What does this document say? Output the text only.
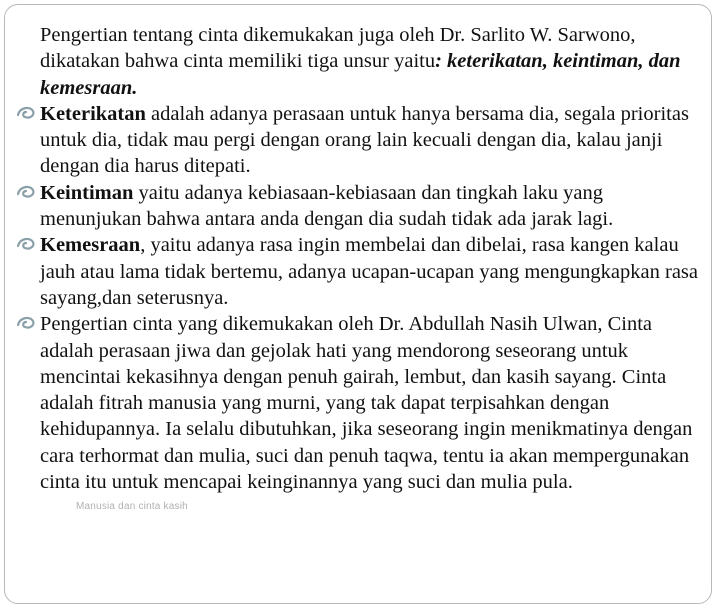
Pengertian tentang cinta dikemukakan juga oleh Dr. Sarlito W. Sarwono, dikatakan bahwa cinta memiliki tiga unsur yaitu: keterikatan, keintiman, dan kemesraan.

Keterikatan adalah adanya perasaan untuk hanya bersama dia, segala prioritas untuk dia, tidak mau pergi dengan orang lain kecuali dengan dia, kalau janji dengan dia harus ditepati.

Keintiman yaitu adanya kebiasaan-kebiasaan dan tingkah laku yang menunjukan bahwa antara anda dengan dia sudah tidak ada jarak lagi.

Kemesraan, yaitu adanya rasa ingin membelai dan dibelai, rasa kangen kalau jauh atau lama tidak bertemu, adanya ucapan-ucapan yang mengungkapkan rasa sayang,dan seterusnya.

Pengertian cinta yang dikemukakan oleh Dr. Abdullah Nasih Ulwan, Cinta adalah perasaan jiwa dan gejolak hati yang mendorong seseorang untuk mencintai kekasihnya dengan penuh gairah, lembut, dan kasih sayang. Cinta adalah fitrah manusia yang murni, yang tak dapat terpisahkan dengan kehidupannya. Ia selalu dibutuhkan, jika seseorang ingin menikmatinya dengan cara terhormat dan mulia, suci dan penuh taqwa, tentu ia akan mempergunakan cinta itu untuk mencapai keinginannya yang suci dan mulia pula.

Manusia dan cinta kasih
